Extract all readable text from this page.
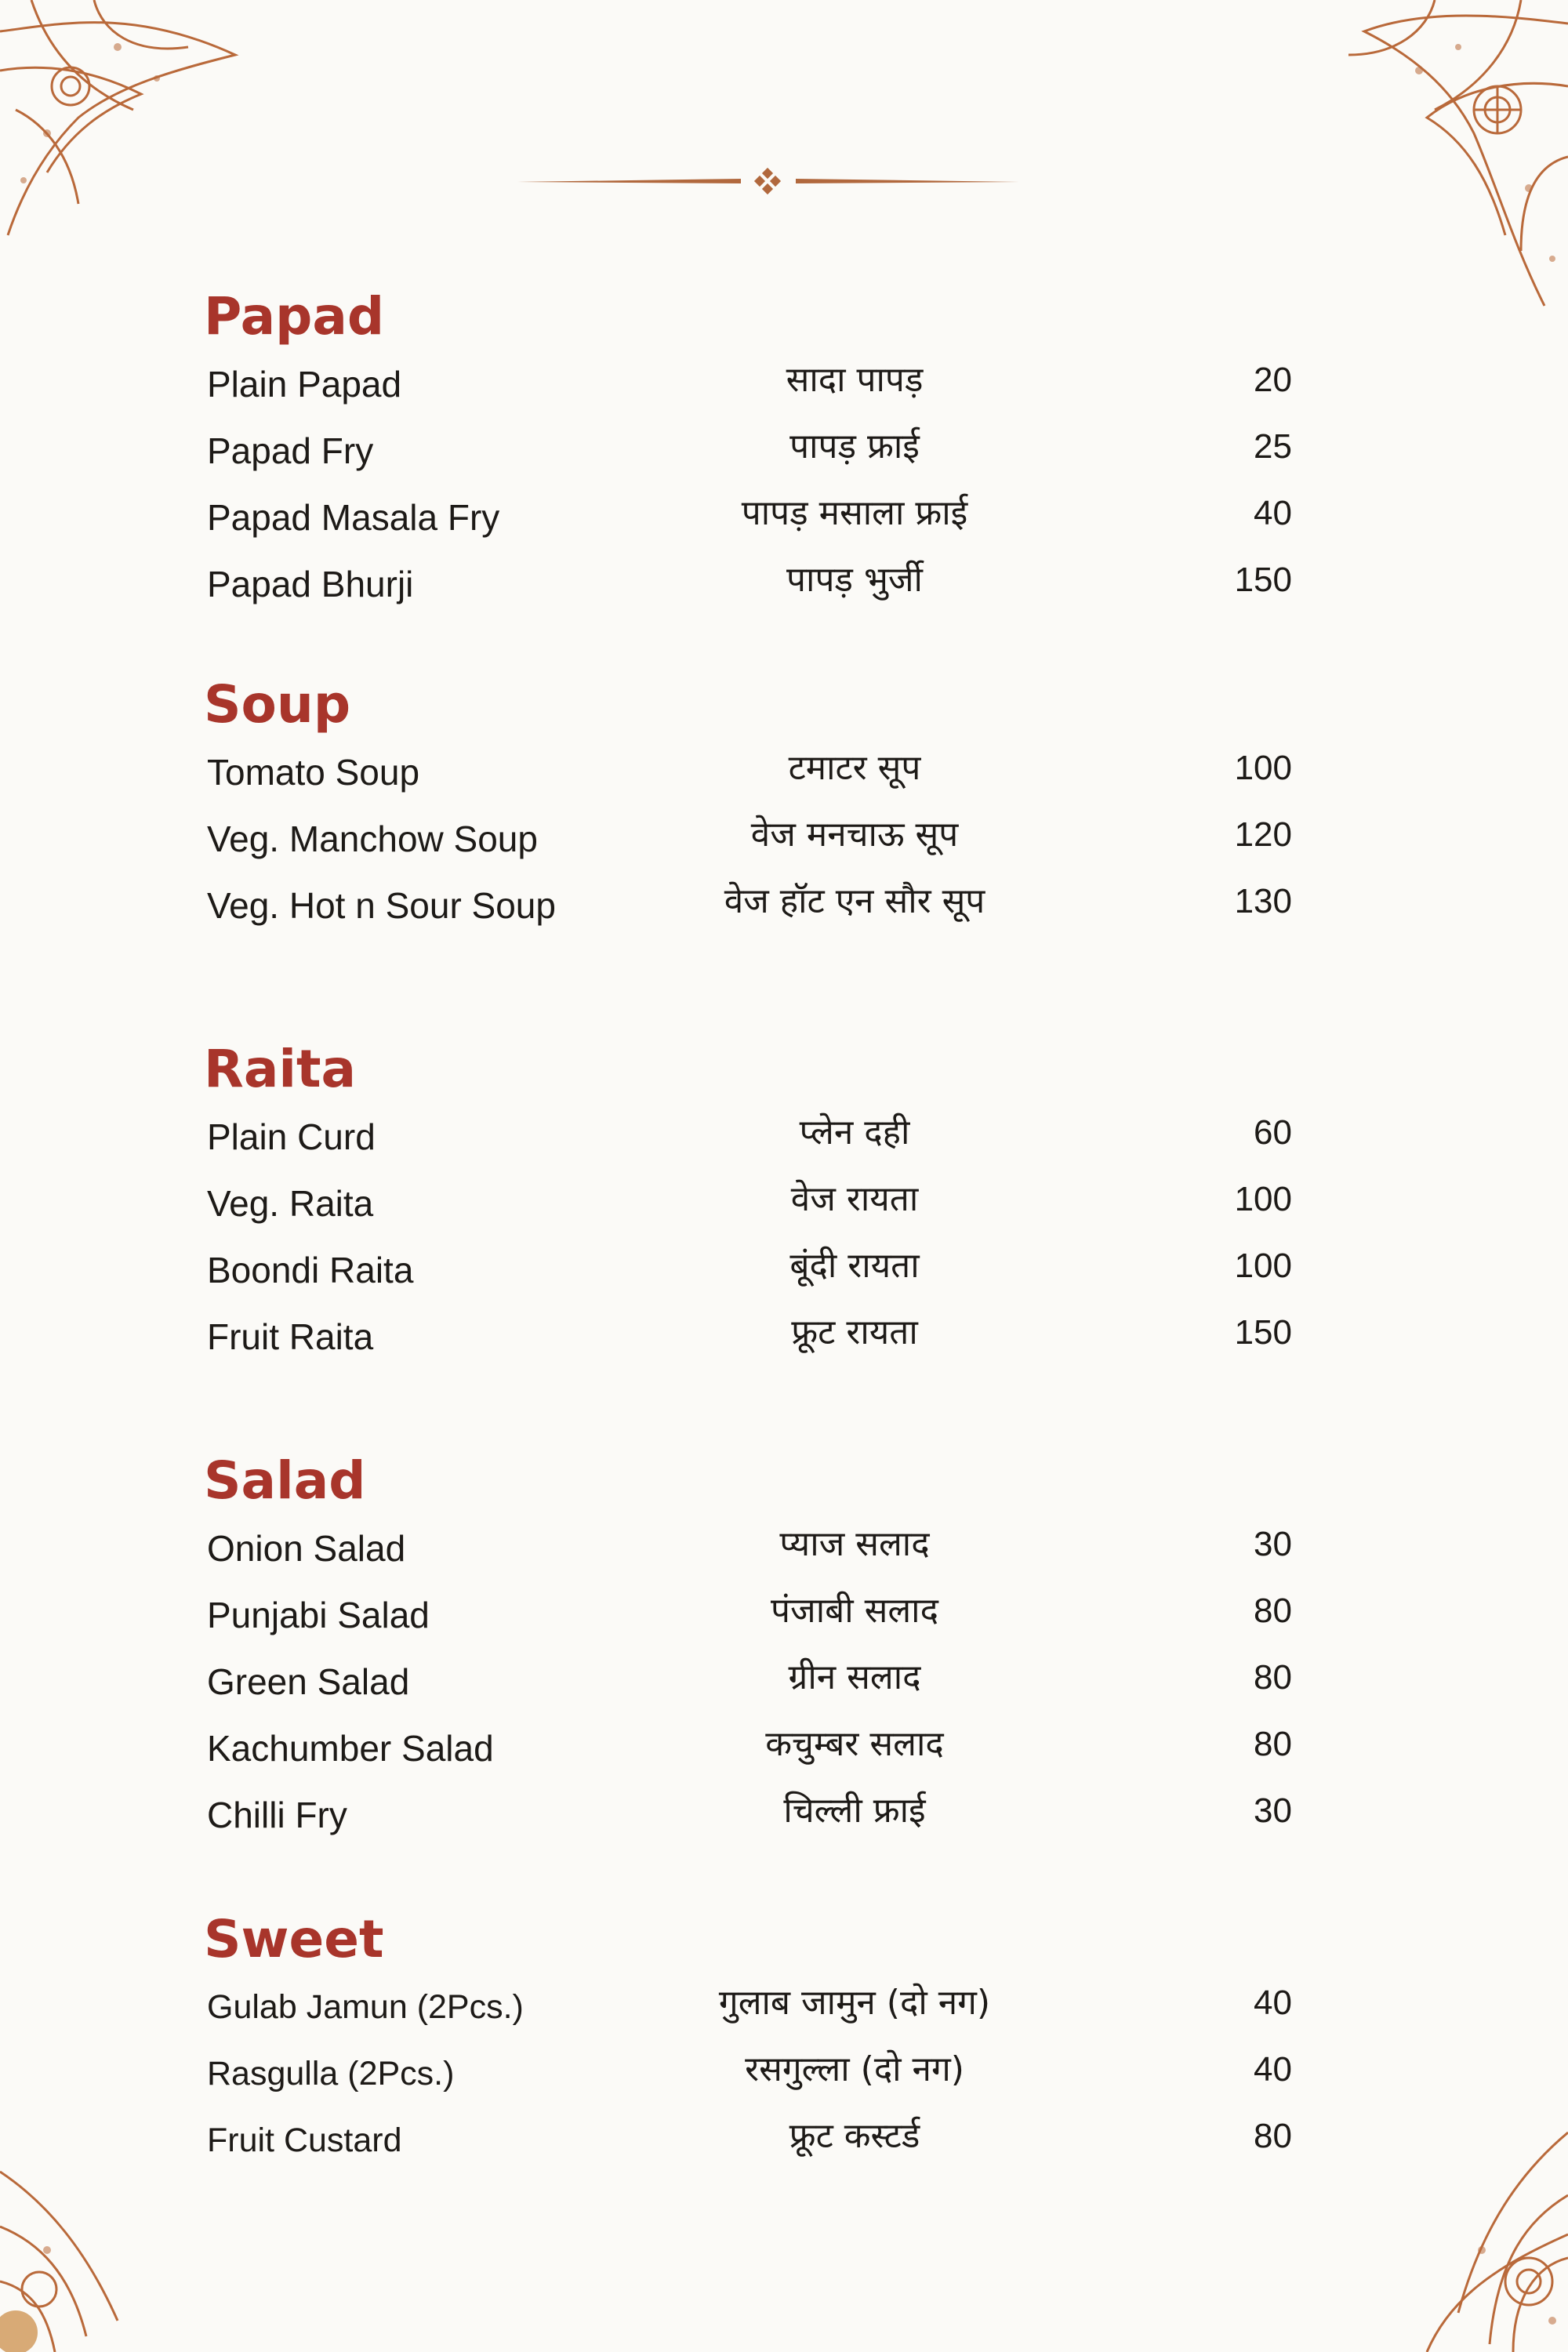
Papad
Plain Papad	सादा पापड़	20
Papad Fry	पापड़ फ्राई	25
Papad Masala Fry	पापड़ मसाला फ्राई	40
Papad Bhurji	पापड़ भुर्जी	150
Soup
Tomato Soup	टमाटर सूप	100
Veg. Manchow Soup	वेज मनचाऊ सूप	120
Veg. Hot n Sour Soup	वेज हॉट एन सौर सूप	130
Raita
Plain Curd	प्लेन दही	60
Veg. Raita	वेज रायता	100
Boondi Raita	बूंदी रायता	100
Fruit Raita	फ्रूट रायता	150
Salad
Onion Salad	प्याज सलाद	30
Punjabi Salad	पंजाबी सलाद	80
Green Salad	ग्रीन सलाद	80
Kachumber Salad	कचुम्बर सलाद	80
Chilli Fry	चिल्ली फ्राई	30
Sweet
Gulab Jamun (2Pcs.)	गुलाब जामुन (दो नग)	40
Rasgulla (2Pcs.)	रसगुल्ला (दो नग)	40
Fruit Custard	फ्रूट कस्टर्ड	80
